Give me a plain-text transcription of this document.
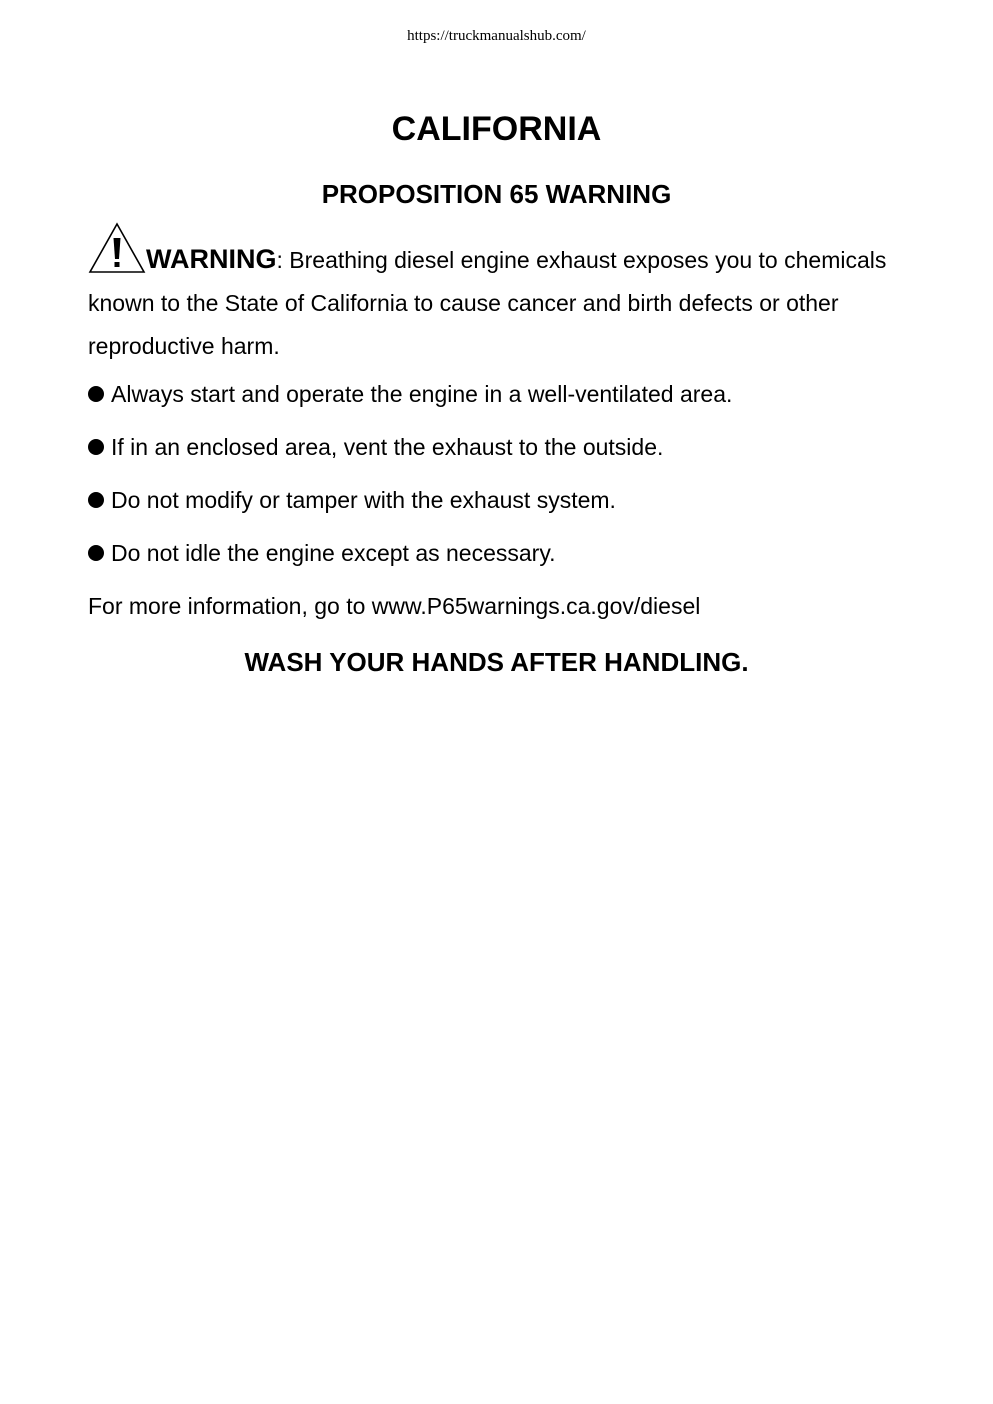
https://truckmanualshub.com/
CALIFORNIA
PROPOSITION 65 WARNING
WARNING: Breathing diesel engine exhaust exposes you to chemicals known to the State of California to cause cancer and birth defects or other reproductive harm.
Always start and operate the engine in a well-ventilated area.
If in an enclosed area, vent the exhaust to the outside.
Do not modify or tamper with the exhaust system.
Do not idle the engine except as necessary.
For more information, go to www.P65warnings.ca.gov/diesel
WASH YOUR HANDS AFTER HANDLING.
